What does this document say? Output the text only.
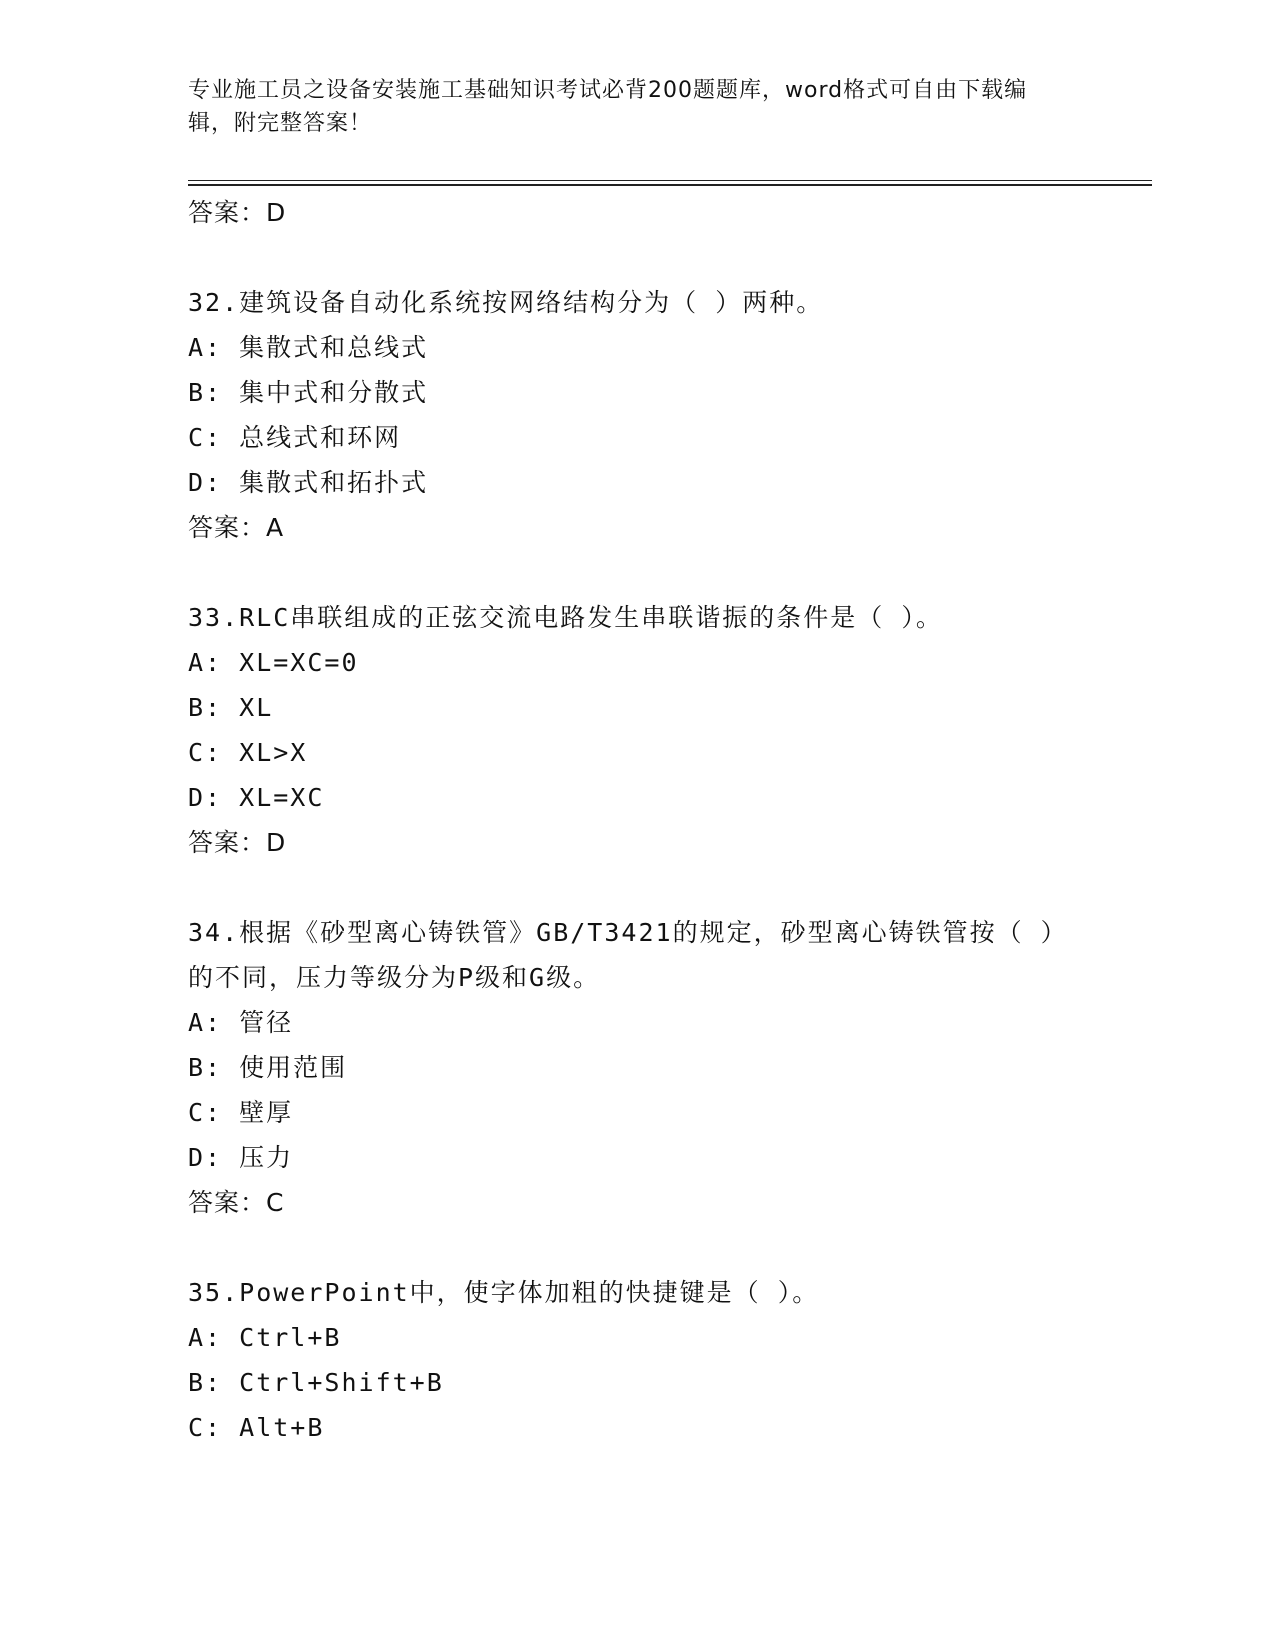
专业施工员之设备安装施工基础知识考试必背200题题库，word格式可自由下载编辑，附完整答案！
答案：D
32.建筑设备自动化系统按网络结构分为（ ）两种。
A: 集散式和总线式
B: 集中式和分散式
C: 总线式和环网
D: 集散式和拓扑式
答案：A
33.RLC串联组成的正弦交流电路发生串联谐振的条件是（ ）。
A: XL=XC=0
B: XL
C: XL>X
D: XL=XC
答案：D
34.根据《砂型离心铸铁管》GB/T3421的规定，砂型离心铸铁管按（ ）的不同，压力等级分为P级和G级。
A: 管径
B: 使用范围
C: 壁厚
D: 压力
答案：C
35.PowerPoint中，使字体加粗的快捷键是（ ）。
A: Ctrl+B
B: Ctrl+Shift+B
C: Alt+B
